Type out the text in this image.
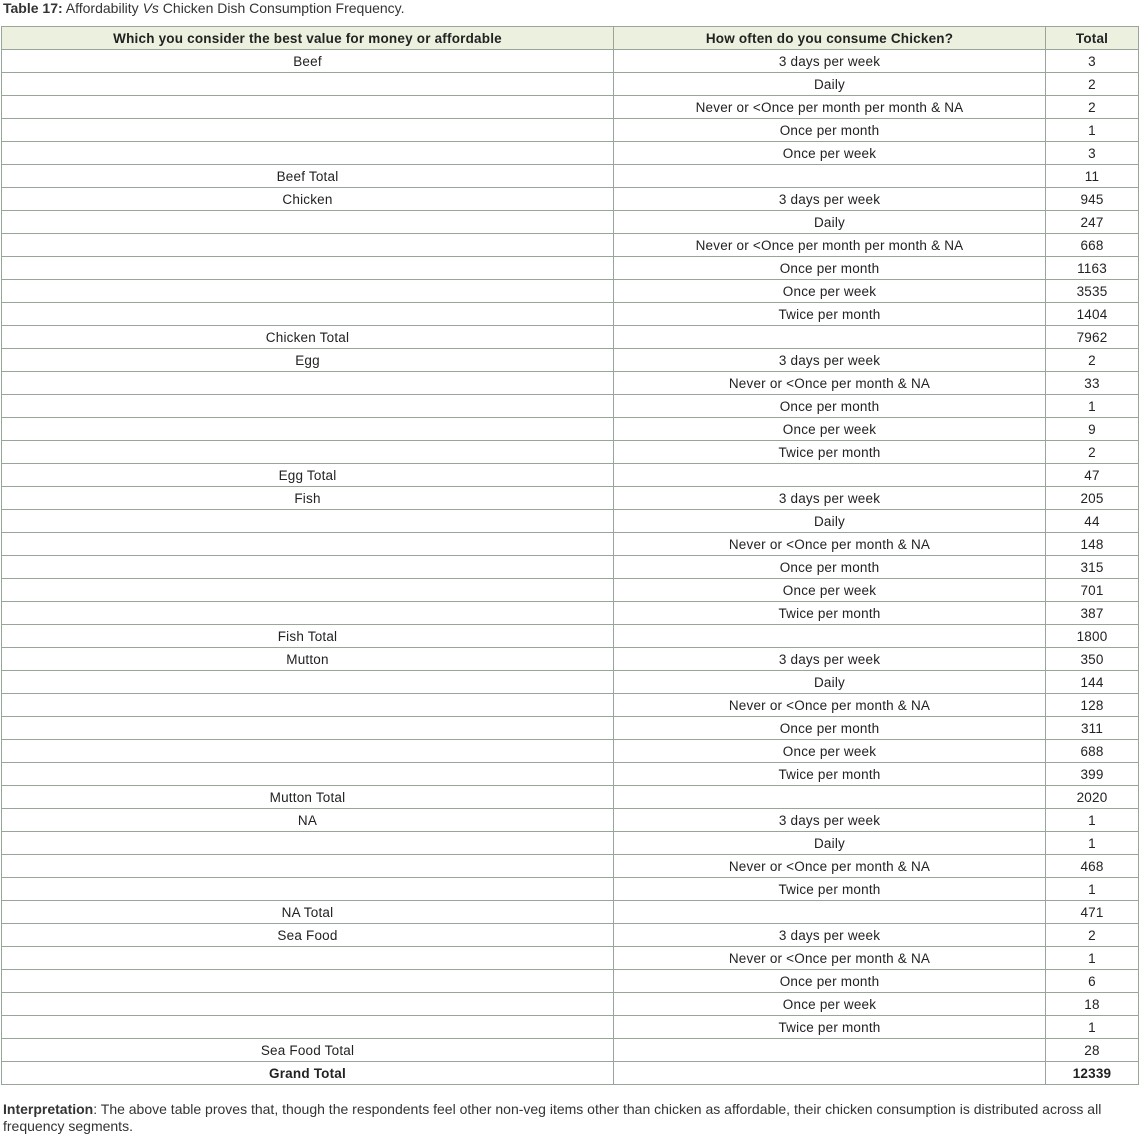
Table 17: Affordability Vs Chicken Dish Consumption Frequency.
Which you consider the best value for money or affordable	How often do you consume Chicken?	Total
Beef	3 days per week	3
	Daily	2
	Never or <Once per month per month & NA	2
	Once per month	1
	Once per week	3
Beef Total		11
Chicken	3 days per week	945
	Daily	247
	Never or <Once per month per month & NA	668
	Once per month	1163
	Once per week	3535
	Twice per month	1404
Chicken Total		7962
Egg	3 days per week	2
	Never or <Once per month & NA	33
	Once per month	1
	Once per week	9
	Twice per month	2
Egg Total		47
Fish	3 days per week	205
	Daily	44
	Never or <Once per month & NA	148
	Once per month	315
	Once per week	701
	Twice per month	387
Fish Total		1800
Mutton	3 days per week	350
	Daily	144
	Never or <Once per month & NA	128
	Once per month	311
	Once per week	688
	Twice per month	399
Mutton Total		2020
NA	3 days per week	1
	Daily	1
	Never or <Once per month & NA	468
	Twice per month	1
NA Total		471
Sea Food	3 days per week	2
	Never or <Once per month & NA	1
	Once per month	6
	Once per week	18
	Twice per month	1
Sea Food Total		28
Grand Total		12339
Interpretation: The above table proves that, though the respondents feel other non-veg items other than chicken as affordable, their chicken consumption is distributed across all frequency segments.
